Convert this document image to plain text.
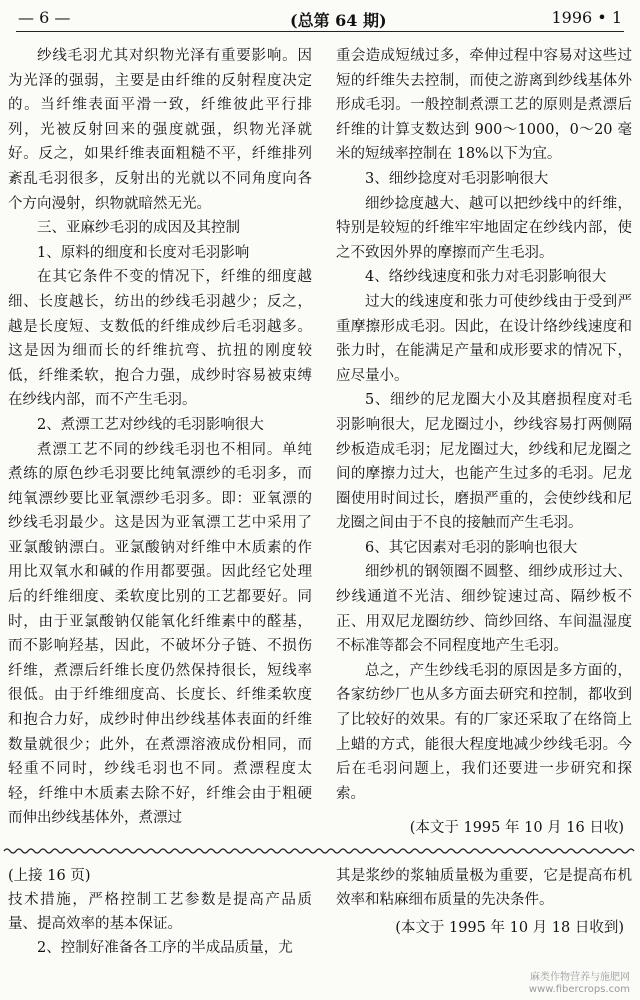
— 6 —	(总第 64 期)	1996 • 1

纱线毛羽尤其对织物光泽有重要影响。因为光泽的强弱，主要是由纤维的反射程度决定的。当纤维表面平滑一致，纤维彼此平行排列，光被反射回来的强度就强，织物光泽就好。反之，如果纤维表面粗糙不平，纤维排列紊乱毛羽很多，反射出的光就以不同角度向各个方向漫射，织物就暗然无光。

三、亚麻纱毛羽的成因及其控制

1、原料的细度和长度对毛羽影响

在其它条件不变的情况下，纤维的细度越细、长度越长，纺出的纱线毛羽越少；反之，越是长度短、支数低的纤维成纱后毛羽越多。这是因为细而长的纤维抗弯、抗扭的刚度较低，纤维柔软，抱合力强，成纱时容易被束缚在纱线内部，而不产生毛羽。

2、煮漂工艺对纱线的毛羽影响很大

煮漂工艺不同的纱线毛羽也不相同。单纯煮练的原色纱毛羽要比纯氧漂纱的毛羽多，而纯氧漂纱要比亚氧漂纱毛羽多。即：亚氧漂的纱线毛羽最少。这是因为亚氧漂工艺中采用了亚氯酸钠漂白。亚氯酸钠对纤维中木质素的作用比双氧水和碱的作用都要强。因此经它处理后的纤维细度、柔软度比别的工艺都要好。同时，由于亚氯酸钠仅能氧化纤维素中的醛基，而不影响羟基，因此，不破坏分子链、不损伤纤维，煮漂后纤维长度仍然保持很长，短线率很低。由于纤维细度高、长度长、纤维柔软度和抱合力好，成纱时伸出纱线基体表面的纤维数量就很少；此外，在煮漂溶液成份相同，而轻重不同时，纱线毛羽也不同。煮漂程度太轻，纤维中木质素去除不好，纤维会由于粗硬而伸出纱线基体外，煮漂过

重会造成短绒过多，牵伸过程中容易对这些过短的纤维失去控制，而使之游离到纱线基体外形成毛羽。一般控制煮漂工艺的原则是煮漂后纤维的计算支数达到 900～1000，0～20 毫米的短绒率控制在 18%以下为宜。

3、细纱捻度对毛羽影响很大

细纱捻度越大、越可以把纱线中的纤维，特别是较短的纤维牢牢地固定在纱线内部，使之不致因外界的摩擦而产生毛羽。

4、络纱线速度和张力对毛羽影响很大

过大的线速度和张力可使纱线由于受到严重摩擦形成毛羽。因此，在设计络纱线速度和张力时，在能满足产量和成形要求的情况下，应尽量小。

5、细纱的尼龙圈大小及其磨损程度对毛羽影响很大，尼龙圈过小，纱线容易打两侧隔纱板造成毛羽；尼龙圈过大，纱线和尼龙圈之间的摩擦力过大，也能产生过多的毛羽。尼龙圈使用时间过长，磨损严重的，会使纱线和尼龙圈之间由于不良的接触而产生毛羽。

6、其它因素对毛羽的影响也很大

细纱机的钢领圈不圆整、细纱成形过大、纱线通道不光洁、细纱锭速过高、隔纱板不正、用双尼龙圈纺纱、筒纱回络、车间温湿度不标准等都会不同程度地产生毛羽。

总之，产生纱线毛羽的原因是多方面的，各家纺纱厂也从多方面去研究和控制，都收到了比较好的效果。有的厂家还采取了在络筒上上蜡的方式，能很大程度地减少纱线毛羽。今后在毛羽问题上，我们还要进一步研究和探索。

(本文于 1995 年 10 月 16 日收)

(上接 16 页)

技术措施，严格控制工艺参数是提高产品质量、提高效率的基本保证。

2、控制好准备各工序的半成品质量，尤

其是浆纱的浆轴质量极为重要，它是提高布机效率和粘麻细布质量的先决条件。

(本文于 1995 年 10 月 18 日收到)

麻类作物营养与施肥网
www.fibercrops.com
